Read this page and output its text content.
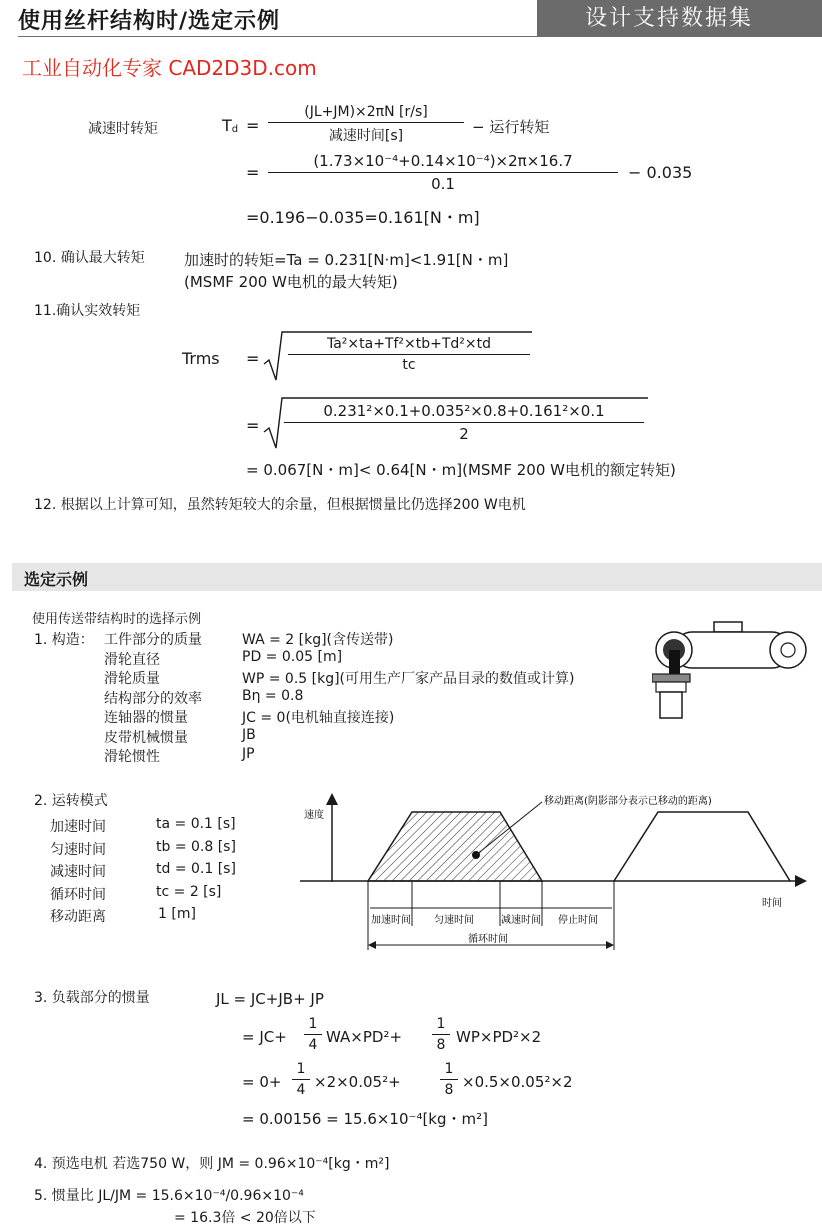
使用丝杆结构时/选定示例	设计支持数据集
工业自动化专家 CAD2D3D.com
减速时转矩	Td =
(JL+JM)×2πN [r/s]
减速时间[s]	− 运行转矩
=
(1.73×10⁻⁴+0.14×10⁻⁴)×2π×16.7
0.1
− 0.035
=0.196−0.035=0.161[N・m]
10. 确认最大转矩	加速时的转矩=Ta = 0.231[N·m]<1.91[N・m]
(MSMF 200 W电机的最大转矩)
11.确认实效转矩
Trms =
Ta²×ta+Tf²×tb+Td²×td
tc
=
0.231²×0.1+0.035²×0.8+0.161²×0.1
2
= 0.067[N・m]< 0.64[N・m](MSMF 200 W电机的额定转矩)
12. 根据以上计算可知，虽然转矩较大的余量，但根据惯量比仍选择200 W电机
选定示例
使用传送带结构时的选择示例
1. 构造： 工件部分的质量	WA = 2 [kg](含传送带)
滑轮直径	PD = 0.05 [m]
滑轮质量	WP = 0.5 [kg](可用生产厂家产品目录的数值或计算)
结构部分的效率	Bη = 0.8
连轴器的惯量	JC = 0(电机轴直接连接)
皮带机械惯量	JB
滑轮惯性	JP
2. 运转模式
加速时间	ta = 0.1 [s]
匀速时间	tb = 0.8 [s]
减速时间	td = 0.1 [s]
循环时间	tc = 2 [s]
移动距离	1 [m]
速度
时间
移动距离(阴影部分表示已移动的距离)
加速时间 匀速时间	减速时间 停止时间
循环时间
3. 负载部分的惯量	JL = JC+JB+ JP
= JC+
1
4 WA×PD²+
1
8 WP×PD²×2
= 0+
1
4 ×2×0.05²+
1
8 ×0.5×0.05²×2
= 0.00156 = 15.6×10⁻⁴[kg・m²]
4. 预选电机 若选750 W，则 JM = 0.96×10⁻⁴[kg・m²]
5. 惯量比 JL/JM = 15.6×10⁻⁴/0.96×10⁻⁴
= 16.3倍 < 20倍以下
